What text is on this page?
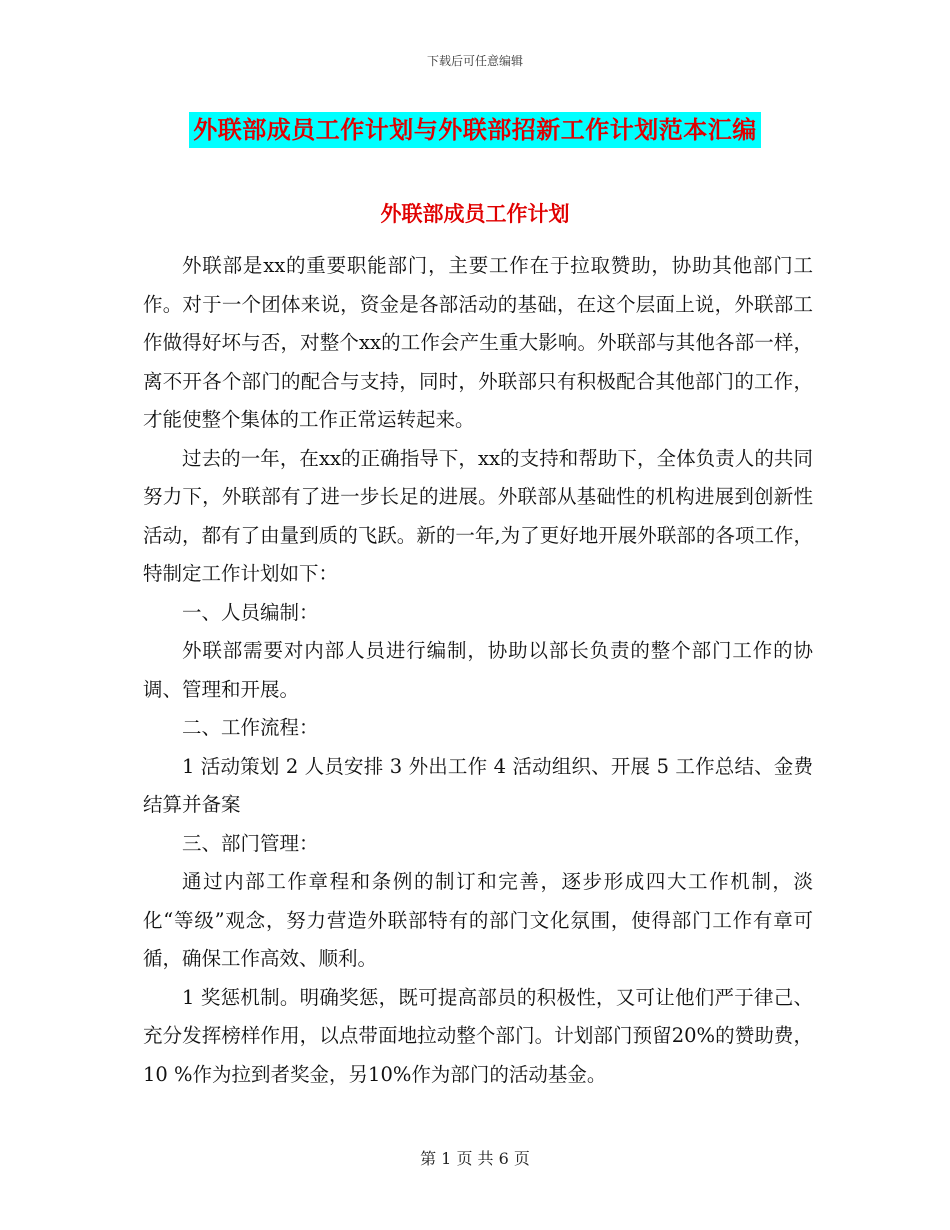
下载后可任意编辑
外联部成员工作计划与外联部招新工作计划范本汇编
外联部成员工作计划

外联部是xx的重要职能部门，主要工作在于拉取赞助，协助其他部门工作。对于一个团体来说，资金是各部活动的基础，在这个层面上说，外联部工作做得好坏与否，对整个xx的工作会产生重大影响。外联部与其他各部一样，离不开各个部门的配合与支持，同时，外联部只有积极配合其他部门的工作，才能使整个集体的工作正常运转起来。

过去的一年，在xx的正确指导下，xx的支持和帮助下，全体负责人的共同努力下，外联部有了进一步长足的进展。外联部从基础性的机构进展到创新性活动，都有了由量到质的飞跃。新的一年,为了更好地开展外联部的各项工作，特制定工作计划如下：

一、人员编制：

外联部需要对内部人员进行编制，协助以部长负责的整个部门工作的协调、管理和开展。

二、工作流程：

1 活动策划 2 人员安排 3 外出工作 4 活动组织、开展 5 工作总结、金费结算并备案

三、部门管理：

通过内部工作章程和条例的制订和完善，逐步形成四大工作机制，淡化“等级”观念，努力营造外联部特有的部门文化氛围，使得部门工作有章可循，确保工作高效、顺利。

1 奖惩机制。明确奖惩，既可提高部员的积极性，又可让他们严于律己、充分发挥榜样作用，以点带面地拉动整个部门。计划部门预留20%的赞助费，10 %作为拉到者奖金，另10%作为部门的活动基金。

第 1 页 共 6 页
